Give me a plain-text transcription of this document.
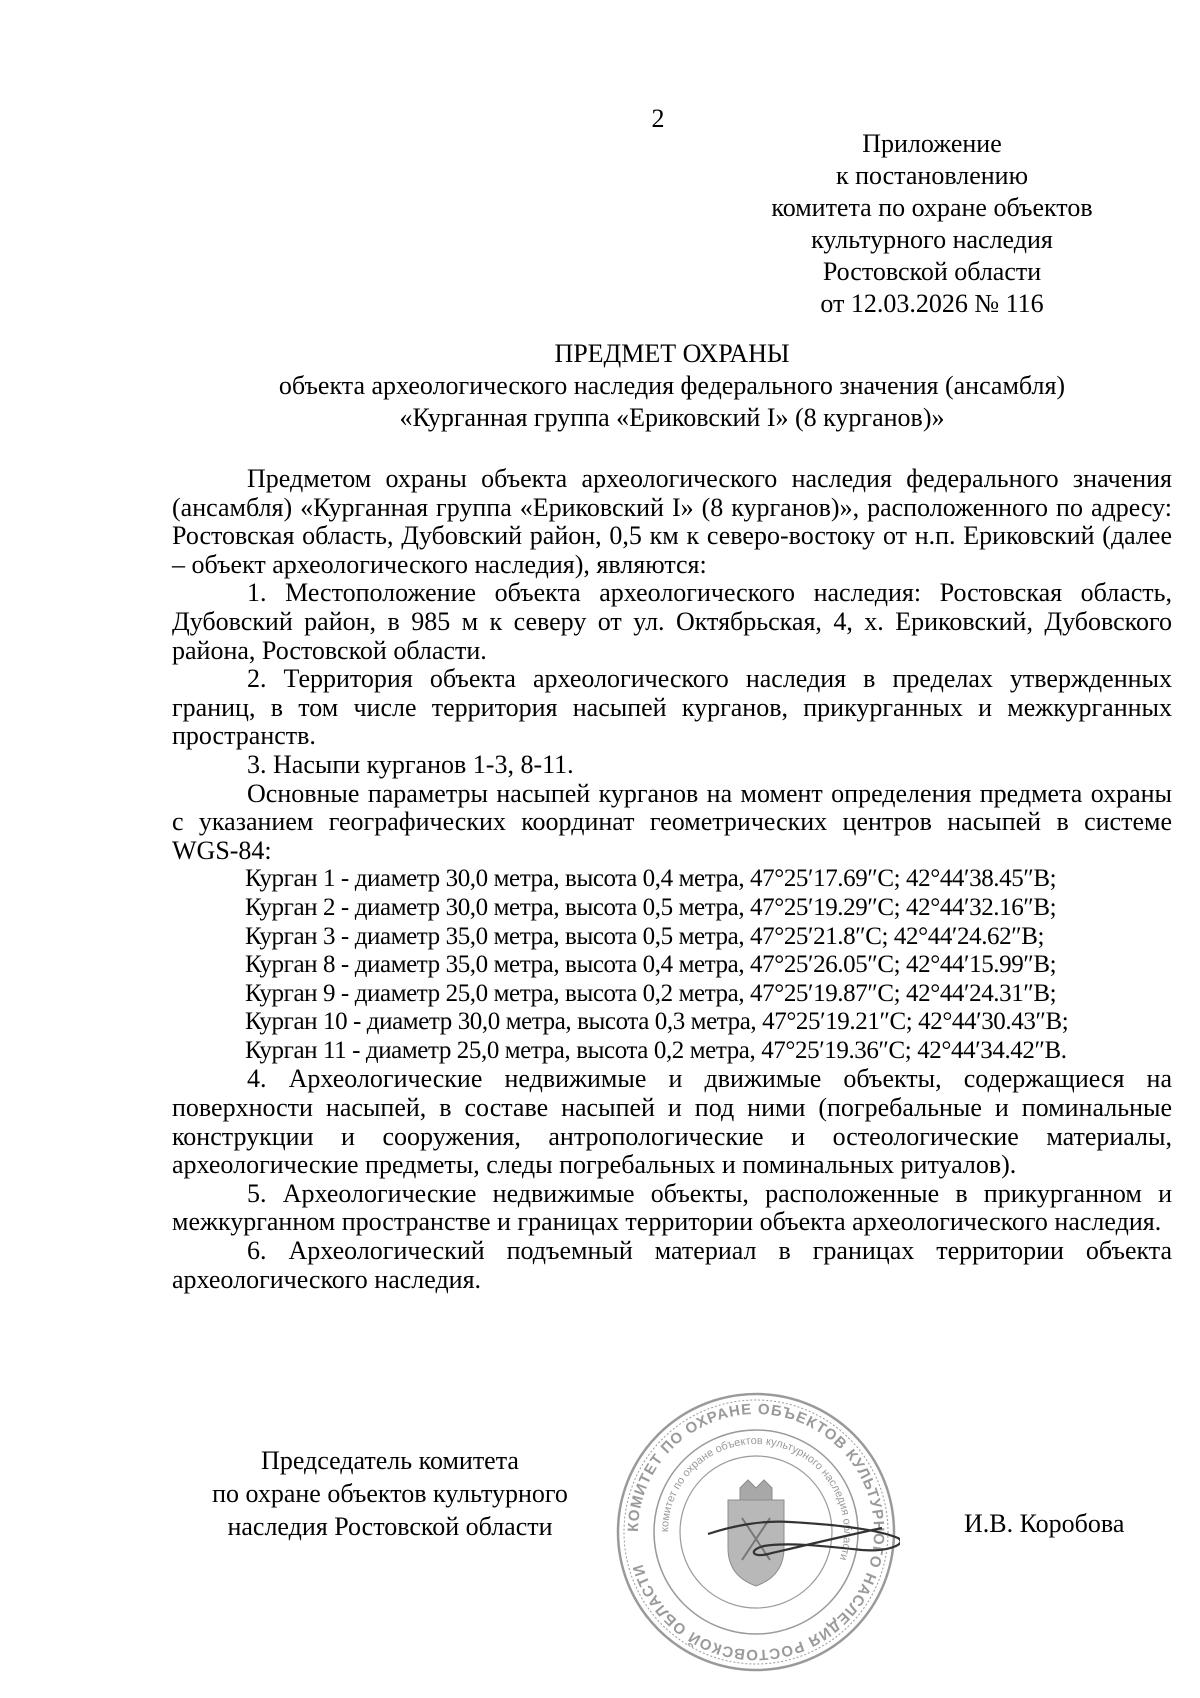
2
Приложение
к постановлению
комитета по охране объектов
культурного наследия
Ростовской области
от 12.03.2026 № 116
ПРЕДМЕТ ОХРАНЫ
объекта археологического наследия федерального значения (ансамбля)
«Курганная группа «Ериковский I» (8 курганов)»
Предметом охраны объекта археологического наследия федерального значения (ансамбля) «Курганная группа «Ериковский I» (8 курганов)», расположенного по адресу: Ростовская область, Дубовский район, 0,5 км к северо-востоку от н.п. Ериковский (далее – объект археологического наследия), являются:
1. Местоположение объекта археологического наследия: Ростовская область, Дубовский район, в 985 м к северу от ул. Октябрьская, 4, х. Ериковский, Дубовского района, Ростовской области.
2. Территория объекта археологического наследия в пределах утвержденных границ, в том числе территория насыпей курганов, прикурганных и межкурганных пространств.
3. Насыпи курганов 1-3, 8-11.
Основные параметры насыпей курганов на момент определения предмета охраны с указанием географических координат геометрических центров насыпей в системе WGS-84:
Курган 1 - диаметр 30,0 метра, высота 0,4 метра, 47°25′17.69″С; 42°44′38.45″В;
Курган 2 - диаметр 30,0 метра, высота 0,5 метра, 47°25′19.29″С; 42°44′32.16″В;
Курган 3 - диаметр 35,0 метра, высота 0,5 метра, 47°25′21.8″С; 42°44′24.62″В;
Курган 8 - диаметр 35,0 метра, высота 0,4 метра, 47°25′26.05″С; 42°44′15.99″В;
Курган 9 - диаметр 25,0 метра, высота 0,2 метра, 47°25′19.87″С; 42°44′24.31″В;
Курган 10 - диаметр 30,0 метра, высота 0,3 метра, 47°25′19.21″С; 42°44′30.43″В;
Курган 11 - диаметр 25,0 метра, высота 0,2 метра, 47°25′19.36″С; 42°44′34.42″В.
4. Археологические недвижимые и движимые объекты, содержащиеся на поверхности насыпей, в составе насыпей и под ними (погребальные и поминальные конструкции и сооружения, антропологические и остеологические материалы, археологические предметы, следы погребальных и поминальных ритуалов).
5. Археологические недвижимые объекты, расположенные в прикурганном и межкурганном пространстве и границах территории объекта археологического наследия.
6. Археологический подъемный материал в границах территории объекта археологического наследия.
Председатель комитета
по охране объектов культурного
наследия Ростовской области	КОМИТЕТ ПО ОХРАНЕ ОБЪЕКТОВ КУЛЬТУРНОГО НАСЛЕДИЯ РОСТОВСКОЙ ОБЛАСТИ
комитет по охране объектов культурного наследия области
И.В. Коробова
